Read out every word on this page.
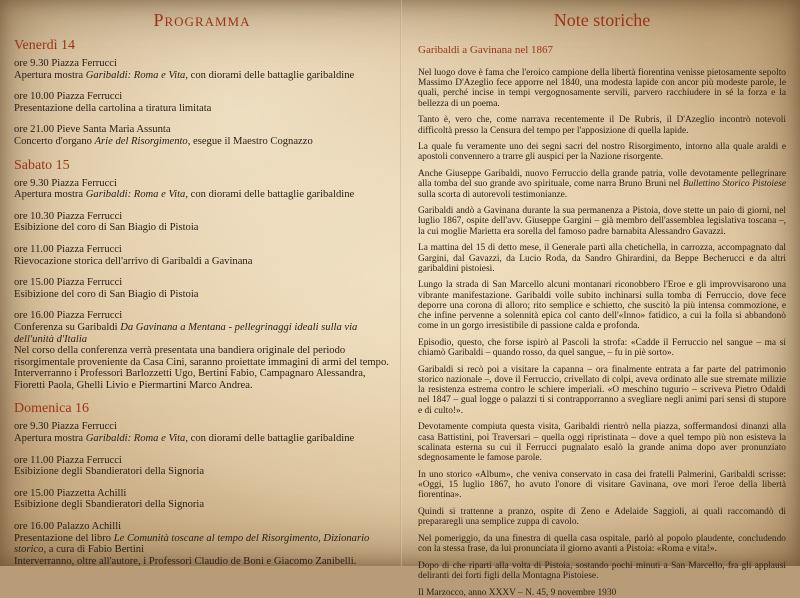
Programma
Venerdì 14
ore 9.30 Piazza Ferrucci
Apertura mostra Garibaldi: Roma e Vita, con diorami delle battaglie garibaldine
ore 10.00 Piazza Ferrucci
Presentazione della cartolina a tiratura limitata
ore 21.00 Pieve Santa Maria Assunta
Concerto d'organo Arie del Risorgimento, esegue il Maestro Cognazzo
Sabato 15
ore 9.30 Piazza Ferrucci
Apertura mostra Garibaldi: Roma e Vita, con diorami delle battaglie garibaldine
ore 10.30 Piazza Ferrucci
Esibizione del coro di San Biagio di Pistoia
ore 11.00 Piazza Ferrucci
Rievocazione storica dell'arrivo di Garibaldi a Gavinana
ore 15.00 Piazza Ferrucci
Esibizione del coro di San Biagio di Pistoia
ore 16.00 Piazza Ferrucci
Conferenza su Garibaldi Da Gavinana a Mentana - pellegrinaggi ideali sulla via dell'unità d'Italia
Nel corso della conferenza verrà presentata una bandiera originale del periodo risorgimentale proveniente da Casa Cini, saranno proiettate immagini di armi del tempo.
Interverranno i Professori Barlozzetti Ugo, Bertini Fabio, Campagnaro Alessandra, Fioretti Paola, Ghelli Livio e Piermartini Marco Andrea.
Domenica 16
ore 9.30 Piazza Ferrucci
Apertura mostra Garibaldi: Roma e Vita, con diorami delle battaglie garibaldine
ore 11.00 Piazza Ferrucci
Esibizione degli Sbandieratori della Signoria
ore 15.00 Piazzetta Achilli
Esibizione degli Sbandieratori della Signoria
ore 16.00 Palazzo Achilli
Presentazione del libro Le Comunità toscane al tempo del Risorgimento, Dizionario storico, a cura di Fabio Bertini
Interverranno, oltre all'autore, i Professori Claudio de Boni e Giacomo Zanibelli.
Note storiche
Garibaldi a Gavinana nel 1867
Nel luogo dove è fama che l'eroico campione della libertà fiorentina venisse pietosamente sepolto Massimo D'Azeglio fece apporre nel 1840, una modesta lapide con ancor più modeste parole, le quali, perché incise in tempi vergognosamente servili, parvero racchiudere in sé la forza e la bellezza di un poema.
Tanto è, vero che, come narrava recentemente il De Rubris, il D'Azeglio incontrò notevoli difficoltà presso la Censura del tempo per l'apposizione di quella lapide.
La quale fu veramente uno dei segni sacri del nostro Risorgimento, intorno alla quale araldi e apostoli convennero a trarre gli auspici per la Nazione risorgente.
Anche Giuseppe Garibaldi, nuovo Ferruccio della grande patria, volle devotamente pellegrinare alla tomba del suo grande avo spirituale, come narra Bruno Bruni nel Bullettino Storico Pistoiese sulla scorta di autorevoli testimonianze.
Garibaldi andò a Gavinana durante la sua permanenza a Pistoia, dove stette un paio di giorni, nel luglio 1867, ospite dell'avv. Giuseppe Gargini – già membro dell'assemblea legislativa toscana –, la cui moglie Marietta era sorella del famoso padre barnabita Alessandro Gavazzi.
La mattina del 15 di detto mese, il Generale partì alla chetichella, in carrozza, accompagnato dal Gargini, dal Gavazzi, da Lucio Roda, da Sandro Ghirardini, da Beppe Becherucci e da altri garibaldini pistoiesi.
Lungo la strada di San Marcello alcuni montanari riconobbero l'Eroe e gli improvvisarono una vibrante manifestazione. Garibaldi volle subito inchinarsi sulla tomba di Ferruccio, dove fece deporre una corona di alloro; rito semplice e schietto, che suscitò la più intensa commozione, e che infine pervenne a solennità epica col canto dell'«Inno» fatidico, a cui la folla si abbandonò come in un gorgo irresistibile di passione calda e profonda.
Episodio, questo, che forse ispirò al Pascoli la strofa: «Cadde il Ferruccio nel sangue – ma si chiamò Garibaldi – quando rosso, da quel sangue, – fu in piè sorto».
Garibaldi si recò poi a visitare la capanna – ora finalmente entrata a far parte del patrimonio storico nazionale –, dove il Ferruccio, crivellato di colpi, aveva ordinato alle sue stremate milizie la resistenza estrema contro le schiere imperiali. «O meschino tugurio – scriveva Pietro Odaldi nel 1847 – gual logge o palazzi ti si contrapporranno a svegliare negli animi pari sensi di stupore e di culto!».
Devotamente compiuta questa visita, Garibaldi rientrò nella piazza, soffermandosi dinanzi alla casa Battistini, poi Traversari – quella oggi ripristinata – dove a quel tempo più non esisteva la scalinata esterna su cui il Ferrucci pugnalato esalò la grande anima dopo aver pronunziato sdegnosamente le famose parole.
In uno storico «Album», che veniva conservato in casa dei fratelli Palmerini, Garibaldi scrisse: «Oggi, 15 luglio 1867, ho avuto l'onore di visitare Gavinana, ove morì l'eroe della libertà fiorentina».
Quindi si trattenne a pranzo, ospite di Zeno e Adelaide Saggioli, ai quali raccomandò di prepararegli una semplice zuppa di cavolo.
Nel pomeriggio, da una finestra di quella casa ospitale, parlò al popolo plaudente, concludendo con la stessa frase, da lui pronunciata il giorno avanti a Pistoia: «Roma e vita!».
Dopo di che ripartì alla volta di Pistoia, sostando pochi minuti a San Marcello, fra gli applausi deliranti dei forti figli della Montagna Pistoiese.
Il Marzocco, anno XXXV – N. 45, 9 novembre 1930
